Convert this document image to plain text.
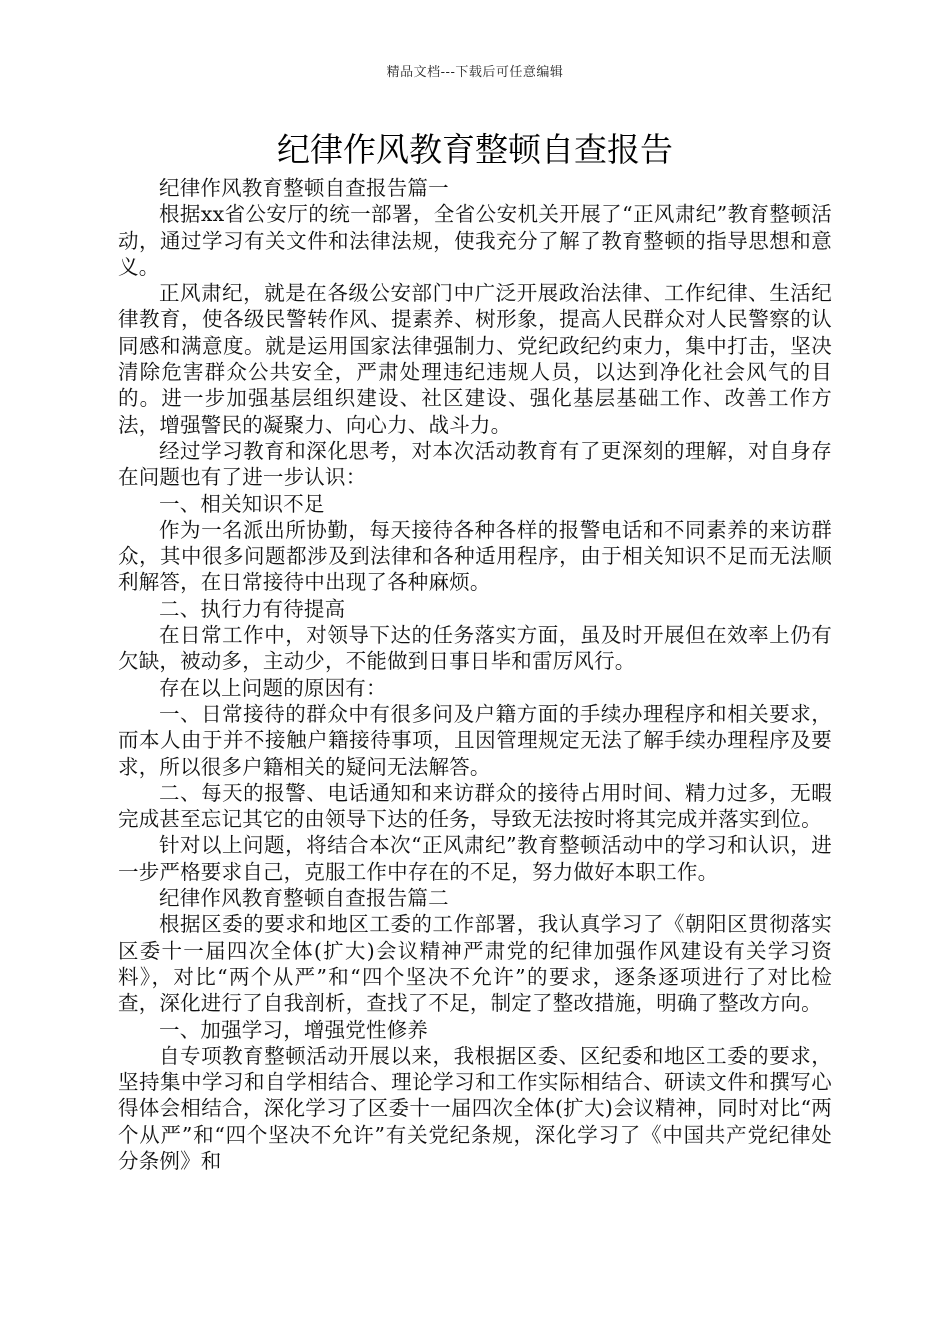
精品文档---下载后可任意编辑
纪律作风教育整顿自查报告

纪律作风教育整顿自查报告篇一

根据xx省公安厅的统一部署，全省公安机关开展了“正风肃纪”教育整顿活动，通过学习有关文件和法律法规，使我充分了解了教育整顿的指导思想和意义。

正风肃纪，就是在各级公安部门中广泛开展政治法律、工作纪律、生活纪律教育，使各级民警转作风、提素养、树形象，提高人民群众对人民警察的认同感和满意度。就是运用国家法律强制力、党纪政纪约束力，集中打击，坚决清除危害群众公共安全，严肃处理违纪违规人员，以达到净化社会风气的目的。进一步加强基层组织建设、社区建设、强化基层基础工作、改善工作方法，增强警民的凝聚力、向心力、战斗力。

经过学习教育和深化思考，对本次活动教育有了更深刻的理解，对自身存在问题也有了进一步认识：

一、相关知识不足

作为一名派出所协勤，每天接待各种各样的报警电话和不同素养的来访群众，其中很多问题都涉及到法律和各种适用程序，由于相关知识不足而无法顺利解答，在日常接待中出现了各种麻烦。

二、执行力有待提高

在日常工作中，对领导下达的任务落实方面，虽及时开展但在效率上仍有欠缺，被动多，主动少，不能做到日事日毕和雷厉风行。

存在以上问题的原因有：

一、日常接待的群众中有很多问及户籍方面的手续办理程序和相关要求，而本人由于并不接触户籍接待事项，且因管理规定无法了解手续办理程序及要求，所以很多户籍相关的疑问无法解答。

二、每天的报警、电话通知和来访群众的接待占用时间、精力过多，无暇完成甚至忘记其它的由领导下达的任务，导致无法按时将其完成并落实到位。

针对以上问题，将结合本次“正风肃纪”教育整顿活动中的学习和认识，进一步严格要求自己，克服工作中存在的不足，努力做好本职工作。

纪律作风教育整顿自查报告篇二

根据区委的要求和地区工委的工作部署，我认真学习了《朝阳区贯彻落实区委十一届四次全体(扩大)会议精神严肃党的纪律加强作风建设有关学习资料》，对比“两个从严”和“四个坚决不允许”的要求，逐条逐项进行了对比检查，深化进行了自我剖析，查找了不足，制定了整改措施，明确了整改方向。

一、加强学习，增强党性修养

自专项教育整顿活动开展以来，我根据区委、区纪委和地区工委的要求，坚持集中学习和自学相结合、理论学习和工作实际相结合、研读文件和撰写心得体会相结合，深化学习了区委十一届四次全体(扩大)会议精神，同时对比“两个从严”和“四个坚决不允许”有关党纪条规，深化学习了《中国共产党纪律处分条例》和
